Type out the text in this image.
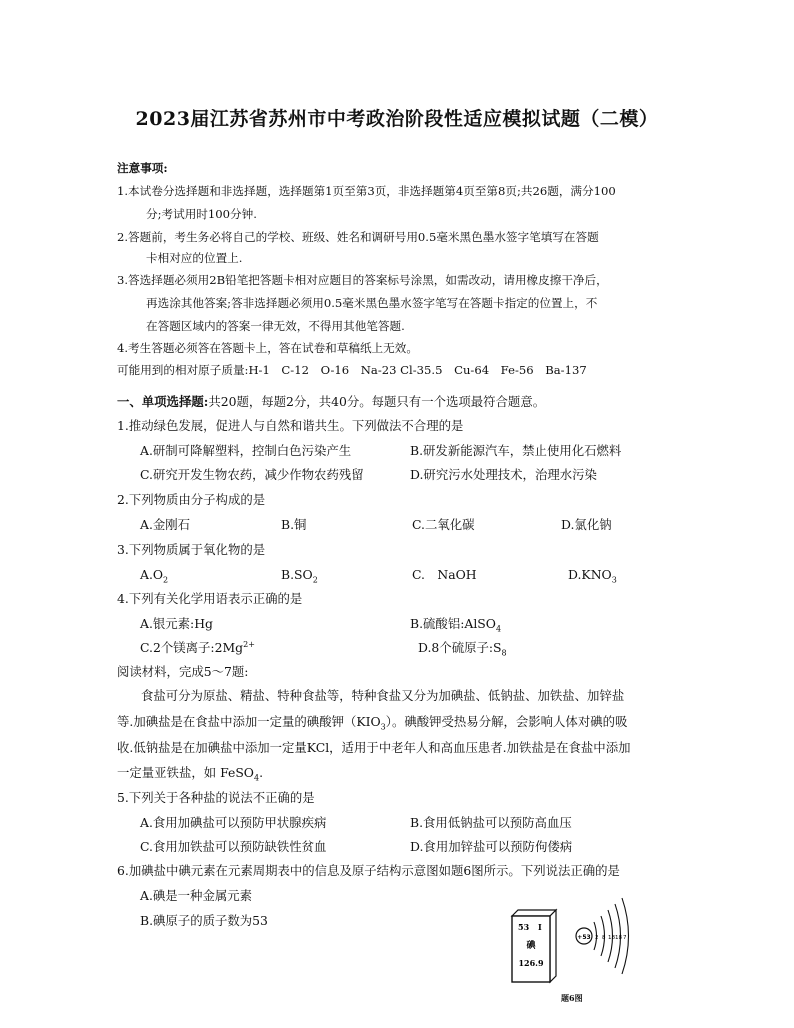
2023届江苏省苏州市中考政治阶段性适应模拟试题（二模）
注意事项:
1.本试卷分选择题和非选择题，选择题第1页至第3页，非选择题第4页至第8页;共26题，满分100
分;考试用时100分钟.
2.答题前，考生务必将自己的学校、班级、姓名和调研号用0.5毫米黑色墨水签字笔填写在答题
卡相对应的位置上.
3.答选择题必须用2B铅笔把答题卡相对应题目的答案标号涂黑，如需改动，请用橡皮擦干净后，
再选涂其他答案;答非选择题必须用0.5毫米黑色墨水签字笔写在答题卡指定的位置上，不
在答题区域内的答案一律无效，不得用其他笔答题.
4.考生答题必须答在答题卡上，答在试卷和草稿纸上无效。
可能用到的相对原子质量:H-1　C-12　O-16　Na-23 Cl-35.5　Cu-64　Fe-56　Ba-137
一、单项选择题:共20题，每题2分，共40分。每题只有一个选项最符合题意。
1.推动绿色发展，促进人与自然和谐共生。下列做法不合理的是
A.研制可降解塑料，控制白色污染产生	B.研发新能源汽车，禁止使用化石燃料
C.研究开发生物农药，减少作物农药残留	D.研究污水处理技术，治理水污染
2.下列物质由分子构成的是
A.金刚石	B.铜	C.二氧化碳	D.氯化钠
3.下列物质属于氧化物的是
$A.O_2$	$B.SO_2$	C.　NaOH	$D.KNO_3$
4.下列有关化学用语表示正确的是
A.银元素:Hg	B.硫酸铝:AlSO$_4$
C.2个镁离子$:2Mg^{2+}$	D.8个硫原子$:S_8$
阅读材料，完成5～7题:
食盐可分为原盐、精盐、特种食盐等，特种食盐又分为加碘盐、低钠盐、加铁盐、加锌盐
等.加碘盐是在食盐中添加一定量的碘酸钾$(KIO_3)$。碘酸钾受热易分解，会影响人体对碘的吸
收.低钠盐是在加碘盐中添加一定量KCl，适用于中老年人和高血压患者.加铁盐是在食盐中添加
一定量亚铁盐，如 FeSO$_4$.
5.下列关于各种盐的说法不正确的是
A.食用加碘盐可以预防甲状腺疾病	B.食用低钠盐可以预防高血压
C.食用加铁盐可以预防缺铁性贫血	D.食用加锌盐可以预防佝偻病
6.加碘盐中碘元素在元素周期表中的信息及原子结构示意图如题6图所示。下列说法正确的是
A.碘是一种金属元素
B.碘原子的质子数为53	53 I
碘
126.9
+53 2 8 18 18 7
题6图
